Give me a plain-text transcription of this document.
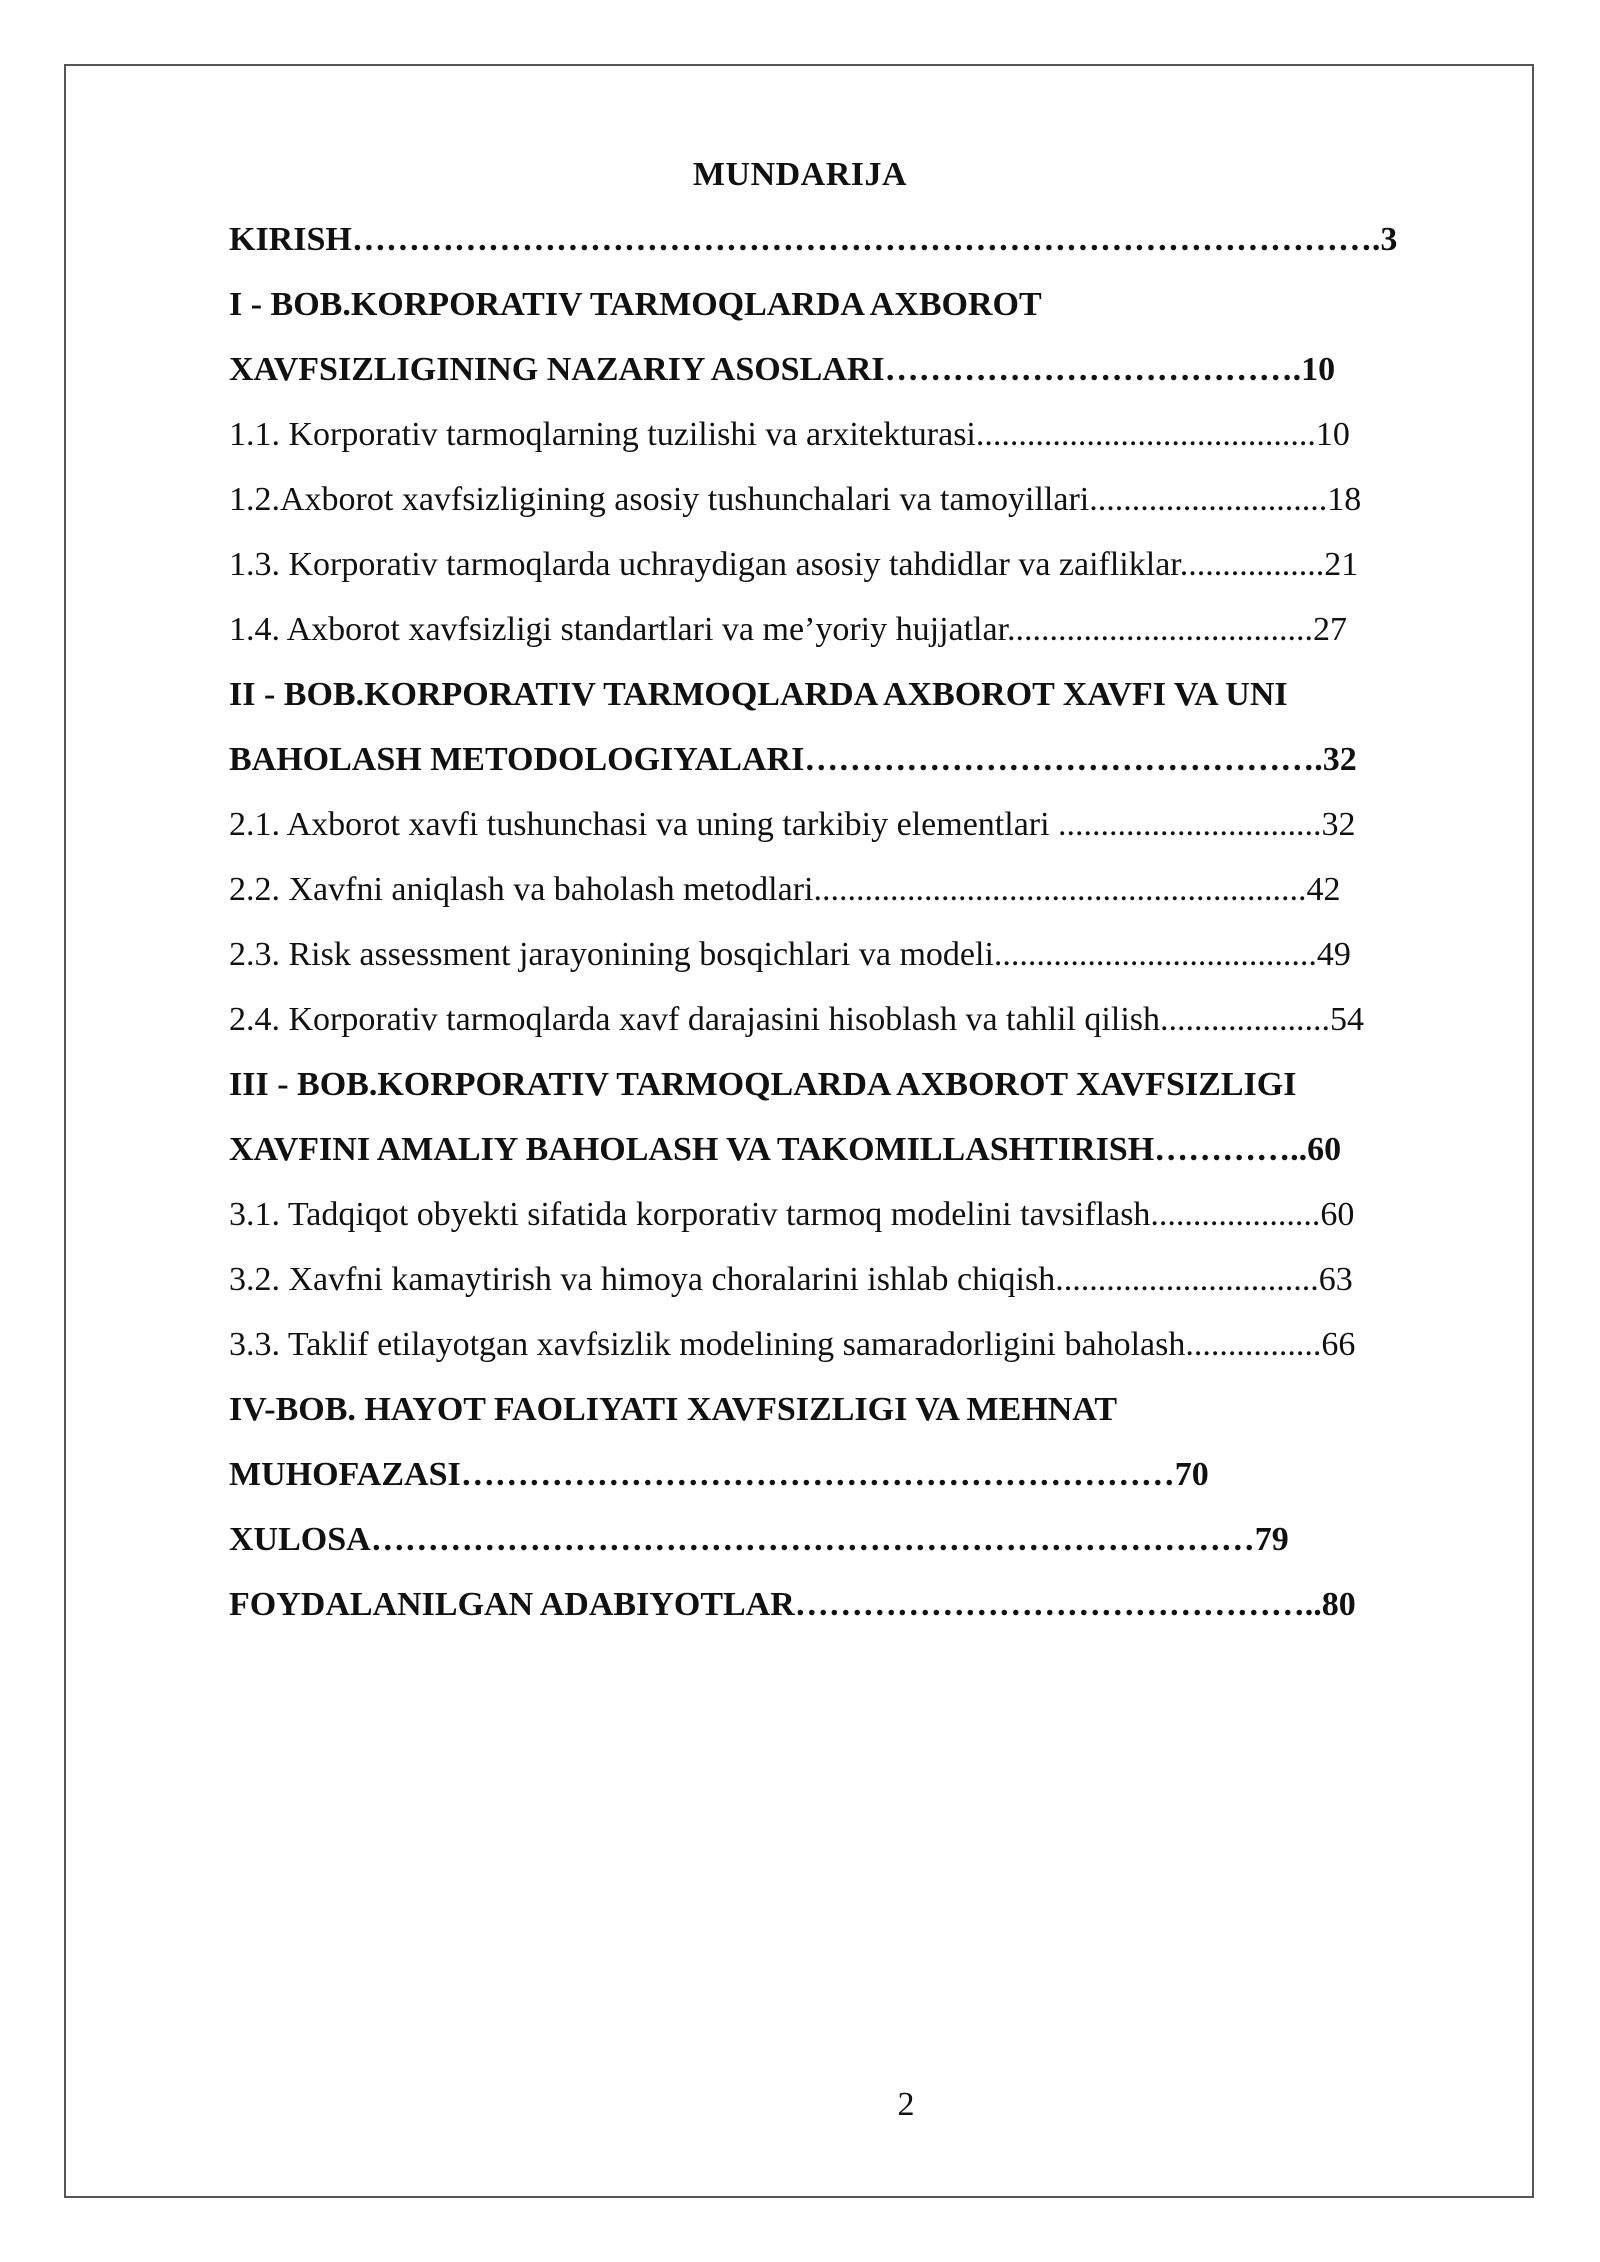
MUNDARIJA
KIRISH……………………………………………………………………………….3
I - BOB.KORPORATIV TARMOQLARDA AXBOROT
XAVFSIZLIGINING NAZARIY ASOSLARI……………………………….10
1.1. Korporativ tarmoqlarning tuzilishi va arxitekturasi........................................10
1.2.Axborot xavfsizligining asosiy tushunchalari va tamoyillari............................18
1.3. Korporativ tarmoqlarda uchraydigan asosiy tahdidlar va zaifliklar.................21
1.4. Axborot xavfsizligi standartlari va me’yoriy hujjatlar....................................27
II - BOB.KORPORATIV TARMOQLARDA AXBOROT XAVFI VA UNI
BAHOLASH METODOLOGIYALARI……………………………………….32
2.1. Axborot xavfi tushunchasi va uning tarkibiy elementlari ...............................32
2.2. Xavfni aniqlash va baholash metodlari..........................................................42
2.3. Risk assessment jarayonining bosqichlari va modeli......................................49
2.4. Korporativ tarmoqlarda xavf darajasini hisoblash va tahlil qilish....................54
III - BOB.KORPORATIV TARMOQLARDA AXBOROT XAVFSIZLIGI
XAVFINI AMALIY BAHOLASH VA TAKOMILLASHTIRISH…………..60
3.1. Tadqiqot obyekti sifatida korporativ tarmoq modelini tavsiflash....................60
3.2. Xavfni kamaytirish va himoya choralarini ishlab chiqish...............................63
3.3. Taklif etilayotgan xavfsizlik modelining samaradorligini baholash................66
IV-BOB. HAYOT FAOLIYATI XAVFSIZLIGI VA MEHNAT
MUHOFAZASI………………………………………………………70
XULOSA……………………………………………………………………79
FOYDALANILGAN ADABIYOTLAR………………………………………..80
2
